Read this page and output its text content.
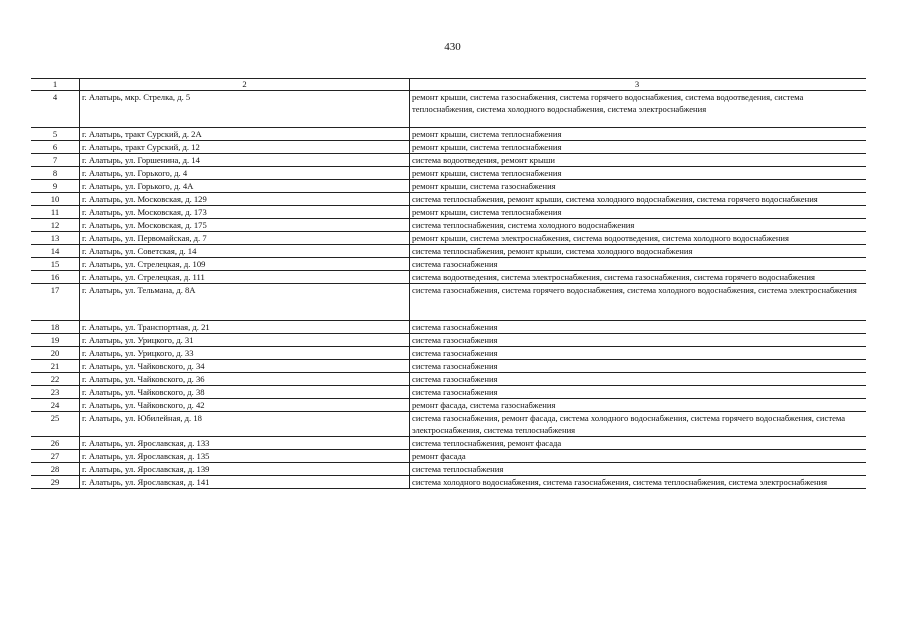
430
1	2	3
4	г. Алатырь, мкр. Стрелка, д. 5	ремонт крыши, система газоснабжения, система горячего водоснабжения, система водоотведения, система теплоснабжения, система холодного водоснабжения, система электроснабжения
5	г. Алатырь, тракт Сурский, д. 2А	ремонт крыши, система теплоснабжения
6	г. Алатырь, тракт Сурский, д. 12	ремонт крыши, система теплоснабжения
7	г. Алатырь, ул. Горшенина, д. 14	система водоотведения, ремонт крыши
8	г. Алатырь, ул. Горького, д. 4	ремонт крыши, система теплоснабжения
9	г. Алатырь, ул. Горького, д. 4А	ремонт крыши, система газоснабжения
10	г. Алатырь, ул. Московская, д. 129	система теплоснабжения, ремонт крыши, система холодного водоснабжения, система горячего водоснабжения
11	г. Алатырь, ул. Московская, д. 173	ремонт крыши, система теплоснабжения
12	г. Алатырь, ул. Московская, д. 175	система теплоснабжения, система холодного водоснабжения
13	г. Алатырь, ул. Первомайская, д. 7	ремонт крыши, система электроснабжения, система водоотведения, система холодного водоснабжения
14	г. Алатырь, ул. Советская, д. 14	система теплоснабжения, ремонт крыши, система холодного водоснабжения
15	г. Алатырь, ул. Стрелецкая, д. 109	система газоснабжения
16	г. Алатырь, ул. Стрелецкая, д. 111	система водоотведения, система электроснабжения, система газоснабжения, система горячего водоснабжения
17	г. Алатырь, ул. Тельмана, д. 8А	система газоснабжения, система горячего водоснабжения, система холодного водоснабжения, система электроснабжения
18	г. Алатырь, ул. Транспортная, д. 21	система газоснабжения
19	г. Алатырь, ул. Урицкого, д. 31	система газоснабжения
20	г. Алатырь, ул. Урицкого, д. 33	система газоснабжения
21	г. Алатырь, ул. Чайковского, д. 34	система газоснабжения
22	г. Алатырь, ул. Чайковского, д. 36	система газоснабжения
23	г. Алатырь, ул. Чайковского, д. 38	система газоснабжения
24	г. Алатырь, ул. Чайковского, д. 42	ремонт фасада, система газоснабжения
25	г. Алатырь, ул. Юбилейная, д. 18	система газоснабжения, ремонт фасада, система холодного водоснабжения, система горячего водоснабжения, система электроснабжения, система теплоснабжения
26	г. Алатырь, ул. Ярославская, д. 133	система теплоснабжения, ремонт фасада
27	г. Алатырь, ул. Ярославская, д. 135	ремонт фасада
28	г. Алатырь, ул. Ярославская, д. 139	система теплоснабжения
29	г. Алатырь, ул. Ярославская, д. 141	система холодного водоснабжения, система газоснабжения, система теплоснабжения, система электроснабжения
